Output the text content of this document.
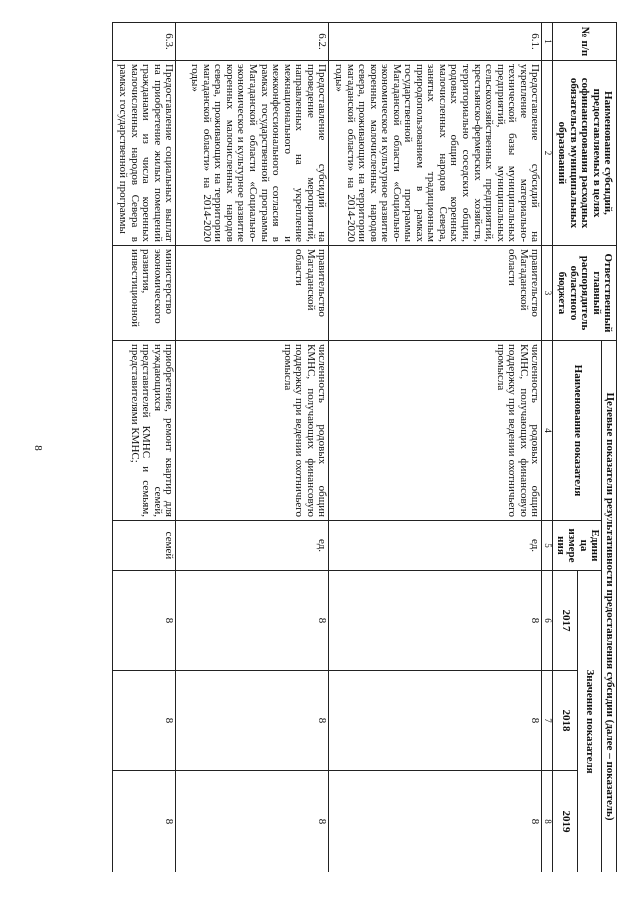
8
№ п/п	Наименование субсидий, предоставляемых в целях софинансирования расходных обязательств муниципальных образований	Ответственный главный распорядитель областного бюджета	Целевые показатели результативности предоставления субсидии (далее – показатель)				
			Наименование показателя	Едини ца измере ния	Значение показателя		
					2017	2018	2019
1	2	3	4	5	6	7	8
6.1.	Предоставление субсидий на укрепление материально-технической базы муниципальных предприятий, муниципальных сельскохозяйственных предприятий, крестьянско-фермерских хозяйств, территориально соседских общин, родовых общин коренных малочисленных народов Севера, занятых традиционным природопользованием в рамках государственной программы Магаданской области «Социально-экономическое и культурное развитие коренных малочисленных народов севера, проживающих на территории магаданской области» на 2014-2020 годы»	правительство Магаданской области	численность родовых общин КМНС, получающих финансовую поддержку при ведении охотничьего промысла	ед.	8	8	8
6.2.	Предоставление субсидий на проведение мероприятий, направленных на укрепление межнационального и межконфессионального согласия в рамках государственной программы Магаданской области «Социально-экономическое и культурное развитие коренных малочисленных народов севера, проживающих на территории магаданской области» на 2014-2020 годы»	правительство Магаданской области	численность родовых общин КМНС, получающих финансовую поддержку при ведении охотничьего промысла	ед.	8	8	8
6.3.	Предоставление социальных выплат на приобретение жилых помещений гражданами из числа коренных малочисленных народов Севера в рамках государственной программы	министерство экономического развития, инвестиционной	приобретение, ремонт квартир для нуждающихся семей, представителей КМНС и семьям, представителями КМНС;	семей	8	8	8
